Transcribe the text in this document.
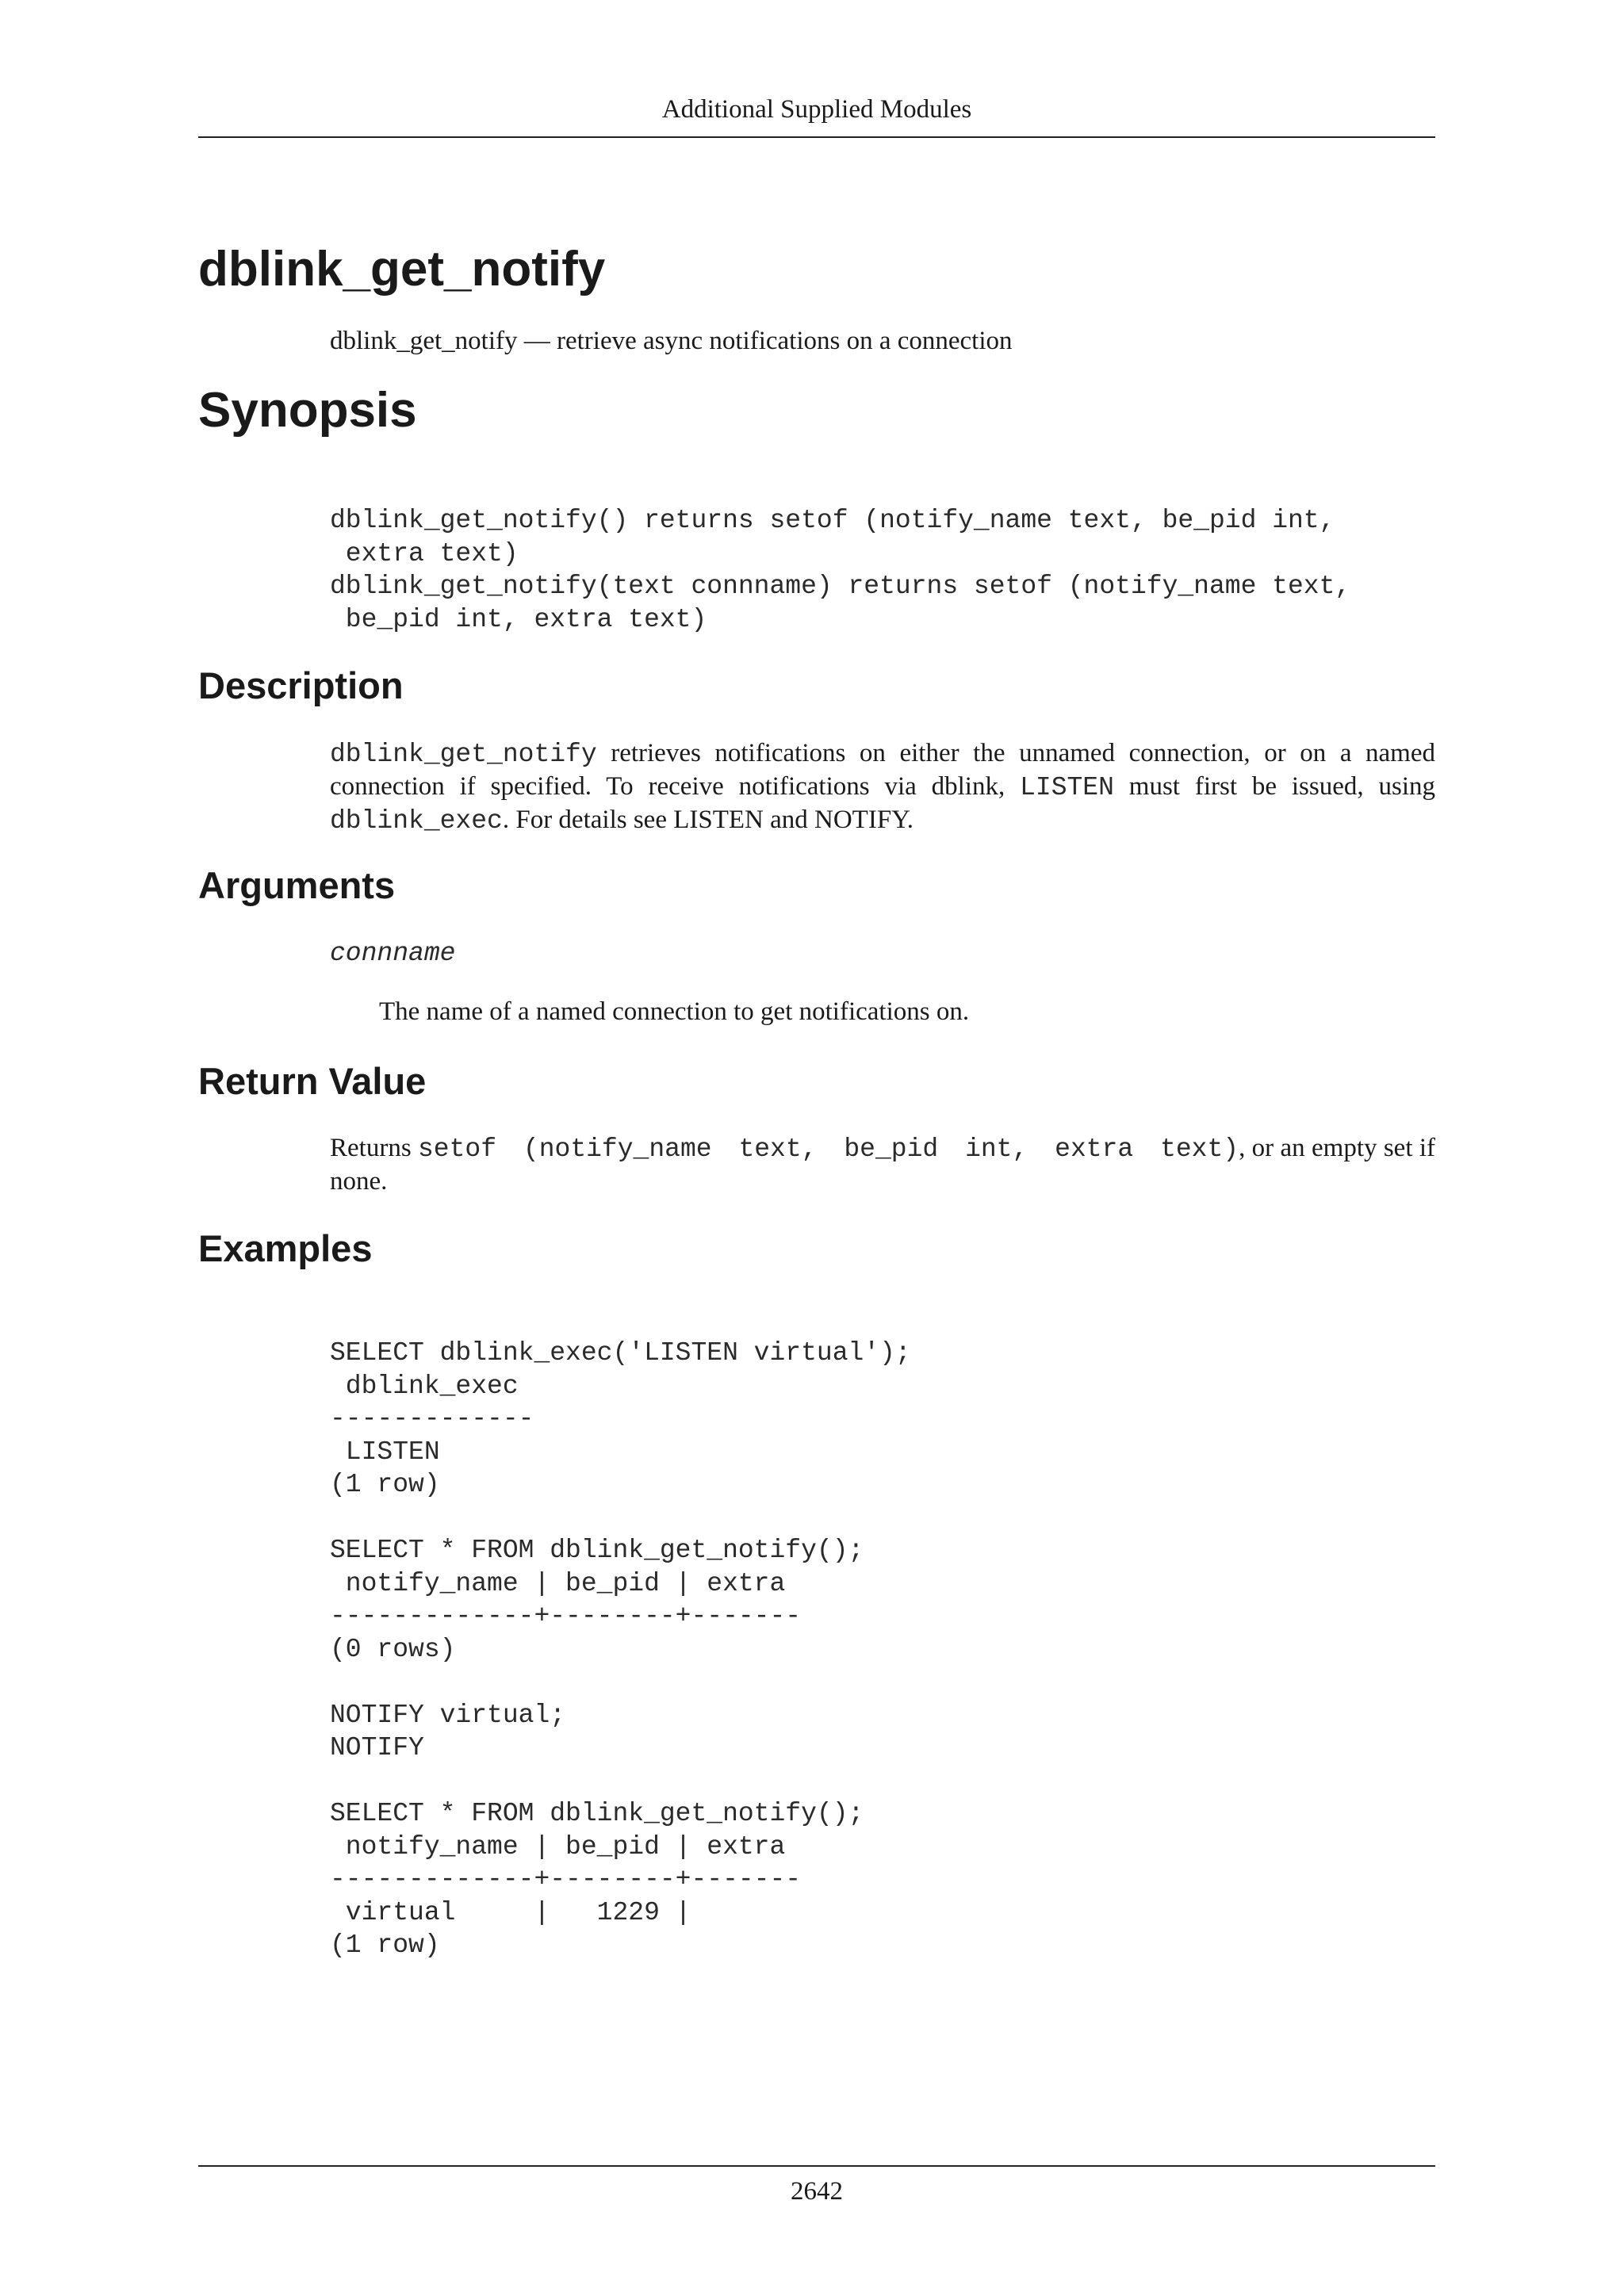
Additional Supplied Modules
dblink_get_notify
dblink_get_notify — retrieve async notifications on a connection
Synopsis
dblink_get_notify() returns setof (notify_name text, be_pid int,
extra text)
dblink_get_notify(text connname) returns setof (notify_name text,
be_pid int, extra text)
Description
dblink_get_notify retrieves notifications on either the unnamed connection, or on a named connection if specified. To receive notifications via dblink, LISTEN must first be issued, using dblink_exec. For details see LISTEN and NOTIFY.
Arguments
connname
The name of a named connection to get notifications on.
Return Value
Returns setof (notify_name text, be_pid int, extra text), or an empty set if none.
Examples
SELECT dblink_exec('LISTEN virtual');
dblink_exec
-------------
LISTEN
(1 row)

SELECT * FROM dblink_get_notify();
notify_name | be_pid | extra
-------------+--------+-------
(0 rows)

NOTIFY virtual;
NOTIFY

SELECT * FROM dblink_get_notify();
notify_name | be_pid | extra
-------------+--------+-------
virtual     |   1229 |
(1 row)
2642
